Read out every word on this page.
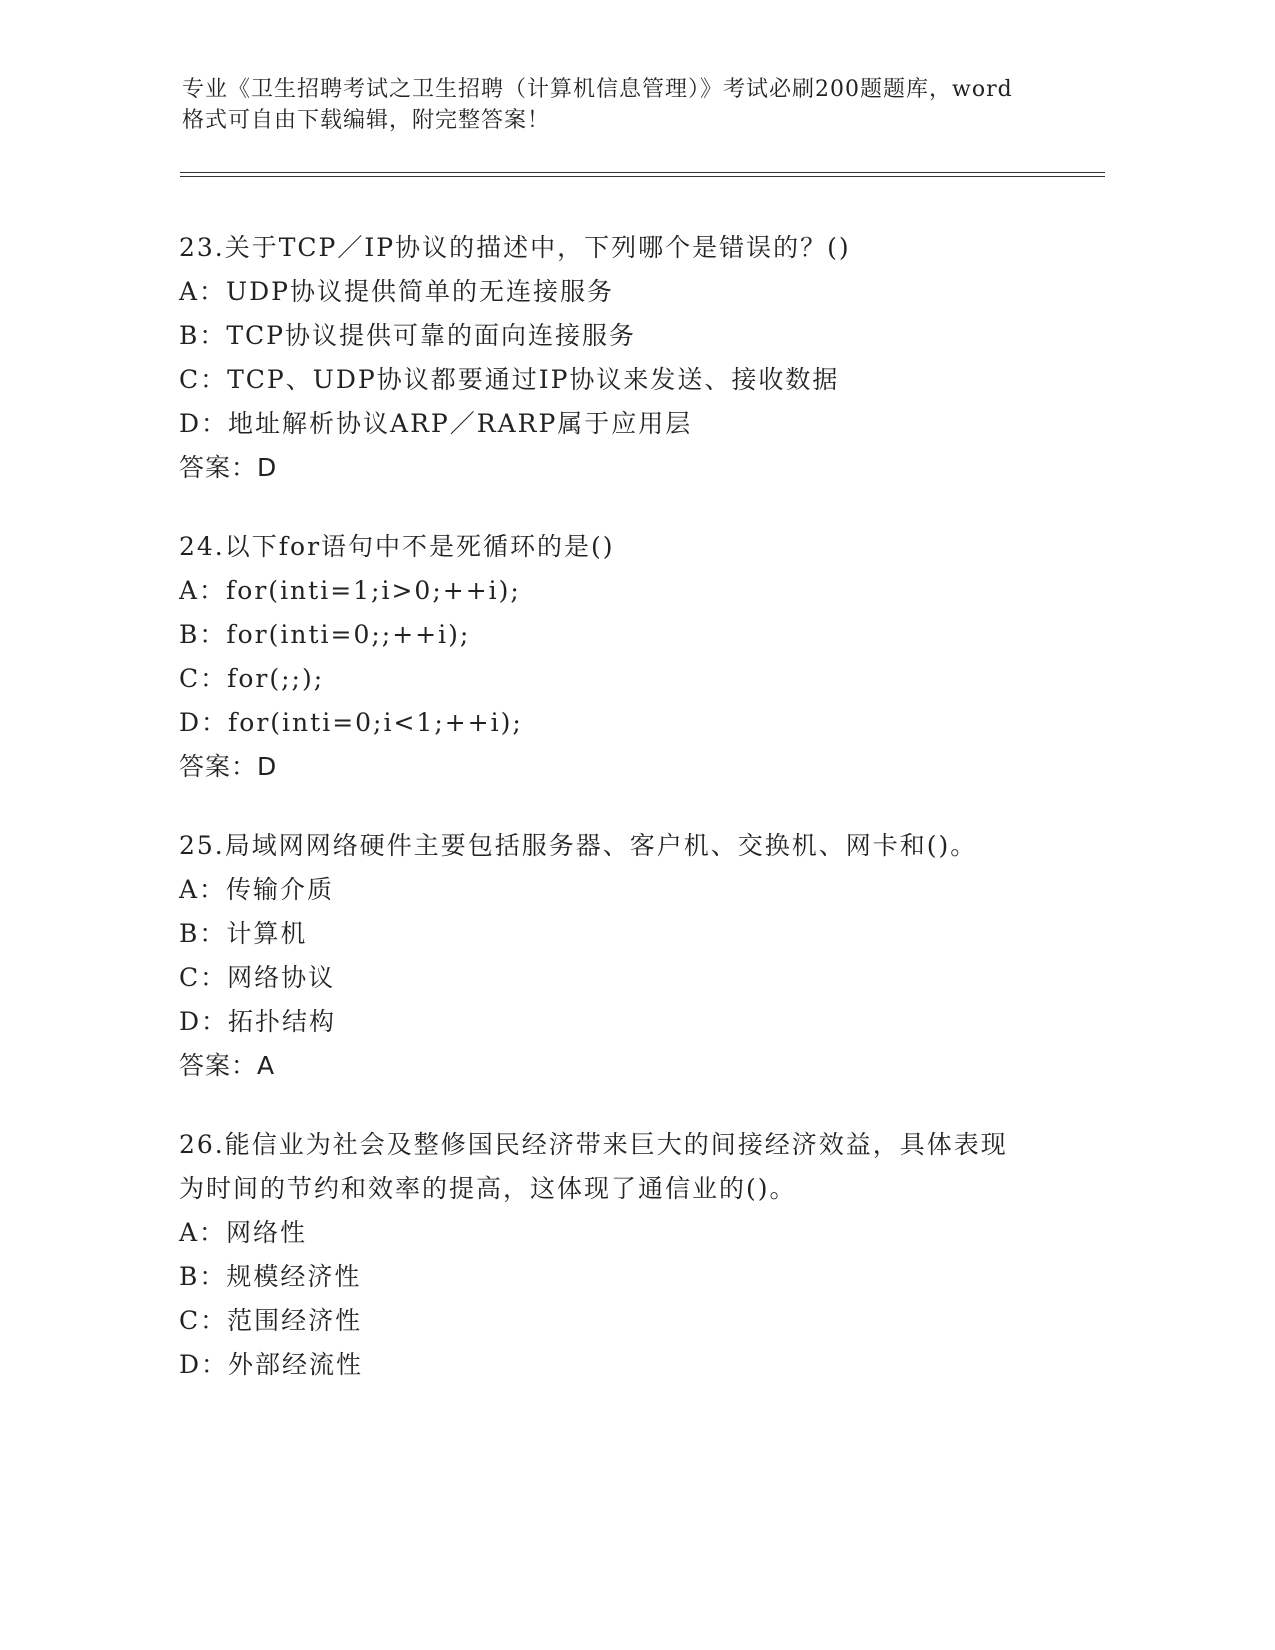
专业《卫生招聘考试之卫生招聘（计算机信息管理）》考试必刷200题题库，word
格式可自由下载编辑，附完整答案！
23.关于TCP／IP协议的描述中，下列哪个是错误的？()
A：UDP协议提供简单的无连接服务
B：TCP协议提供可靠的面向连接服务
C：TCP、UDP协议都要通过IP协议来发送、接收数据
D：地址解析协议ARP／RARP属于应用层
答案：D
24.以下for语句中不是死循环的是()
A：for(inti=1;i>0;++i);
B：for(inti=0;;++i);
C：for(;;);
D：for(inti=0;i<1;++i);
答案：D
25.局域网网络硬件主要包括服务器、客户机、交换机、网卡和()。
A：传输介质
B：计算机
C：网络协议
D：拓扑结构
答案：A
26.能信业为社会及整修国民经济带来巨大的间接经济效益，具体表现
为时间的节约和效率的提高，这体现了通信业的()。
A：网络性
B：规模经济性
C：范围经济性
D：外部经流性
